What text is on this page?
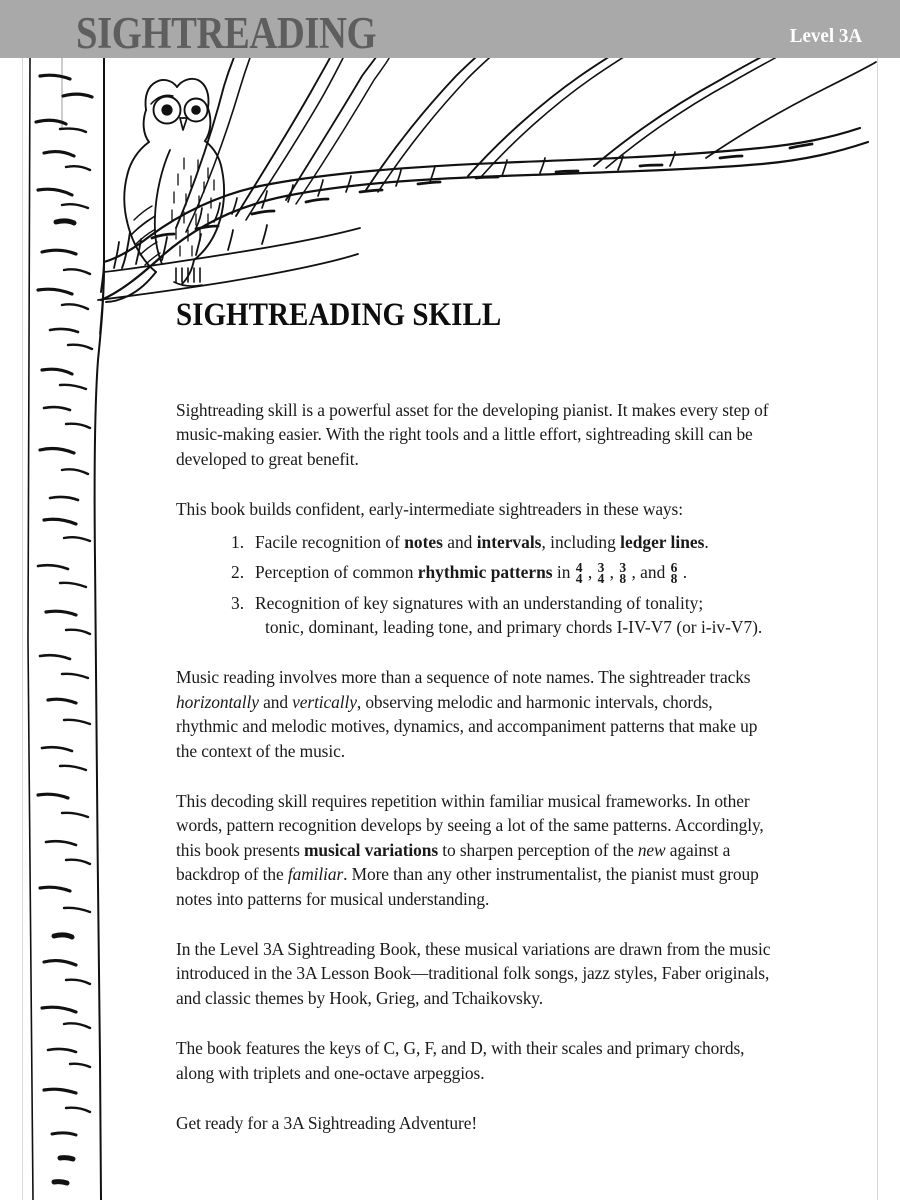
SIGHTREADING	Level 3A
SIGHTREADING SKILL

Sightreading skill is a powerful asset for the developing pianist. It makes every step of music-making easier. With the right tools and a little effort, sightreading skill can be developed to great benefit.

This book builds confident, early-intermediate sightreaders in these ways:

1. Facile recognition of notes and intervals, including ledger lines.
2. Perception of common rhythmic patterns in 4
4 , 3
4 , 3
8 , and 6
8 .
3. Recognition of key signatures with an understanding of tonality;
tonic, dominant, leading tone, and primary chords I-IV-V7 (or i-iv-V7).

Music reading involves more than a sequence of note names. The sightreader tracks horizontally and vertically, observing melodic and harmonic intervals, chords, rhythmic and melodic motives, dynamics, and accompaniment patterns that make up the context of the music.

This decoding skill requires repetition within familiar musical frameworks. In other words, pattern recognition develops by seeing a lot of the same patterns. Accordingly, this book presents musical variations to sharpen perception of the new against a backdrop of the familiar. More than any other instrumentalist, the pianist must group notes into patterns for musical understanding.

In the Level 3A Sightreading Book, these musical variations are drawn from the music introduced in the 3A Lesson Book—traditional folk songs, jazz styles, Faber originals, and classic themes by Hook, Grieg, and Tchaikovsky.

The book features the keys of C, G, F, and D, with their scales and primary chords, along with triplets and one-octave arpeggios.

Get ready for a 3A Sightreading Adventure!
